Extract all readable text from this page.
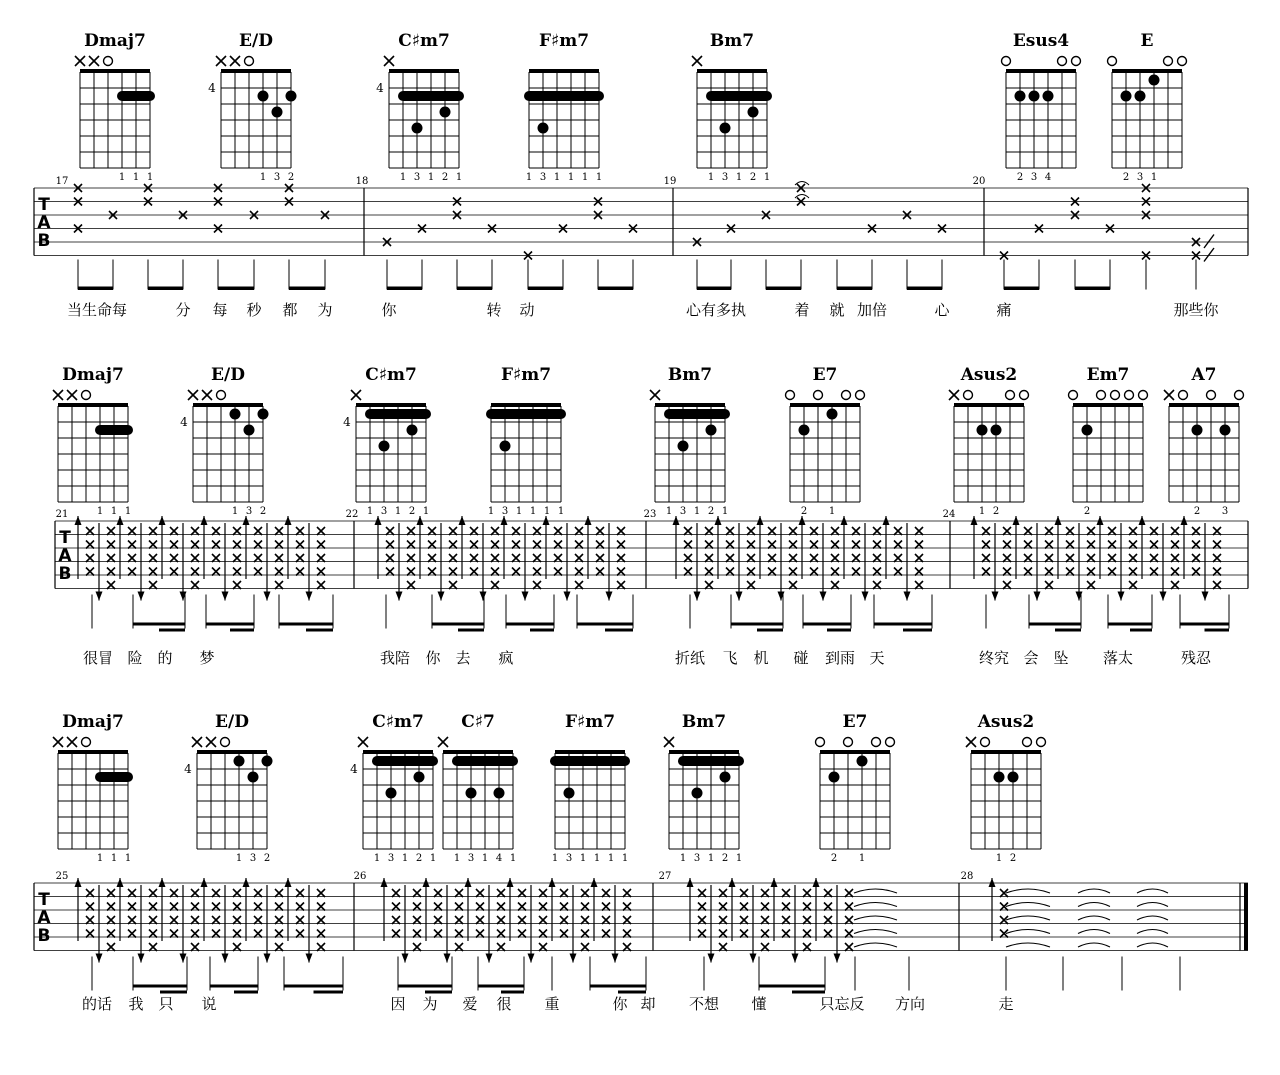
Dmaj7
1 1 1
E/D
4
1 3 2
C♯m7
4
1 3 1 2 1
F♯m7
1 3 1 1 1 1
Bm7
1 3 1 2 1
Esus4
2 3 4
E
2 3 1
T
A
B
17	18	19	20
当生命每	分 每 秒 都 为	你	转 动	心有多执	着 就 加倍	心	痛	那些你
Dmaj7
1 1 1
E/D
4
1 3 2
C♯m7
4
1 3 1 2 1
F♯m7
1 3 1 1 1 1
Bm7
1 3 1 2 1
E7
2 1
Asus2
1 2
Em7
2
A7
2 3
T
A
B
21	22	23	24
很冒 险 的 梦	我陪 你 去 疯	折纸 飞 机 碰 到雨 天	终究 会 坠 落太	残忍
Dmaj7
1 1 1
E/D
4
1 3 2
C♯m7
4
1 3 1 2 1
C♯7
1 3 1 4 1
F♯m7
1 3 1 1 1 1
Bm7
1 3 1 2 1
E7
2 1
Asus2
1 2
T
A
B
25	26	27	28
的话 我 只 说	因 为 爱 很 重	你 却 不想 懂	只忘反 方向	走
